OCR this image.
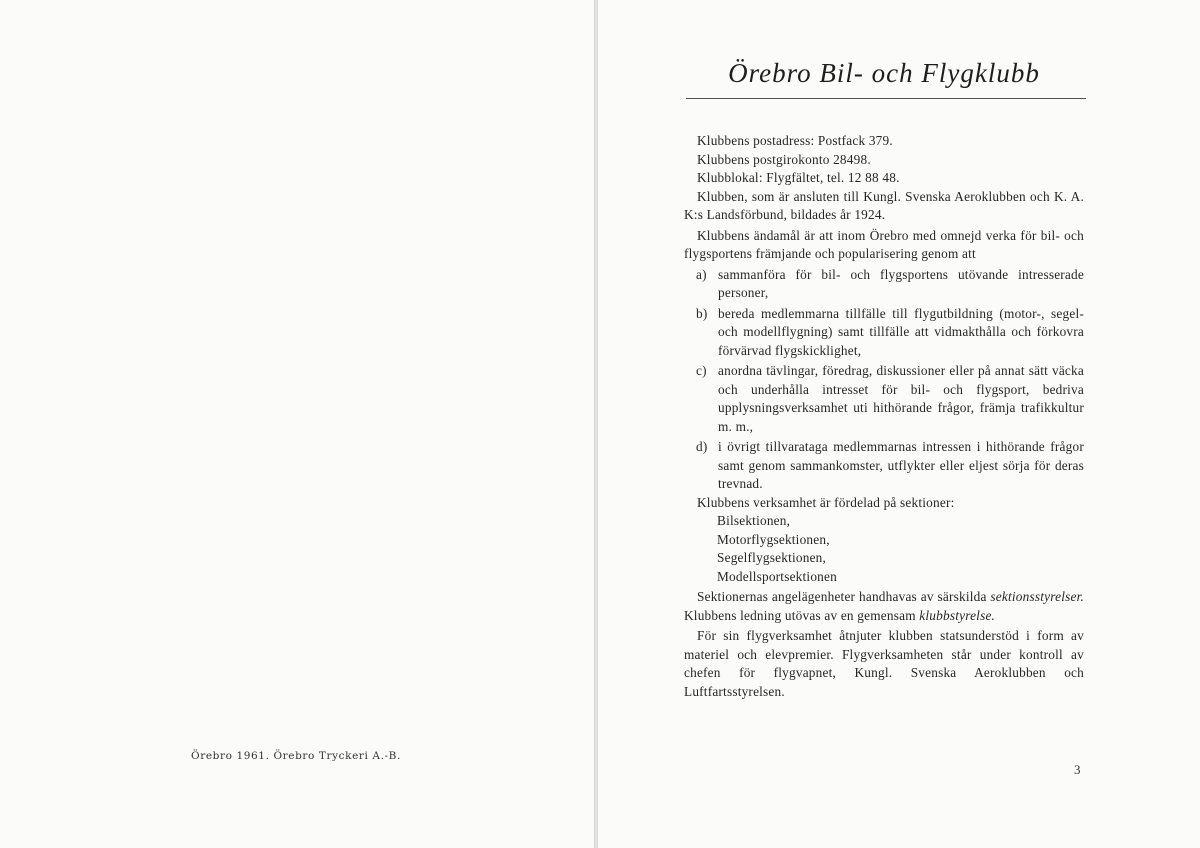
Örebro 1961. Örebro Tryckeri A.-B.
Örebro Bil- och Flygklubb

Klubbens postadress: Postfack 379.

Klubbens postgirokonto 28498.

Klubblokal: Flygfältet, tel. 12 88 48.

Klubben, som är ansluten till Kungl. Svenska Aeroklubben och K. A. K:s Landsförbund, bildades år 1924.

Klubbens ändamål är att inom Örebro med omnejd verka för bil- och flygsportens främjande och popularisering genom att

a) sammanföra för bil- och flygsportens utövande intresserade personer,
b) bereda medlemmarna tillfälle till flygutbildning (motor-, segel- och modellflygning) samt tillfälle att vidmakthålla och förkovra förvärvad flygskicklighet,
c) anordna tävlingar, föredrag, diskussioner eller på annat sätt väcka och underhålla intresset för bil- och flygsport, bedriva upplysningsverksamhet uti hithörande frågor, främja trafikkultur m. m.,
d) i övrigt tillvarataga medlemmarnas intressen i hithörande frågor samt genom sammankomster, utflykter eller eljest sörja för deras trevnad.

Klubbens verksamhet är fördelad på sektioner:

Bilsektionen,
Motorflygsektionen,
Segelflygsektionen,
Modellsportsektionen

Sektionernas angelägenheter handhavas av särskilda sektionsstyrelser. Klubbens ledning utövas av en gemensam klubbstyrelse.

För sin flygverksamhet åtnjuter klubben statsunderstöd i form av materiel och elevpremier. Flygverksamheten står under kontroll av chefen för flygvapnet, Kungl. Svenska Aeroklubben och Luftfartsstyrelsen.

3
